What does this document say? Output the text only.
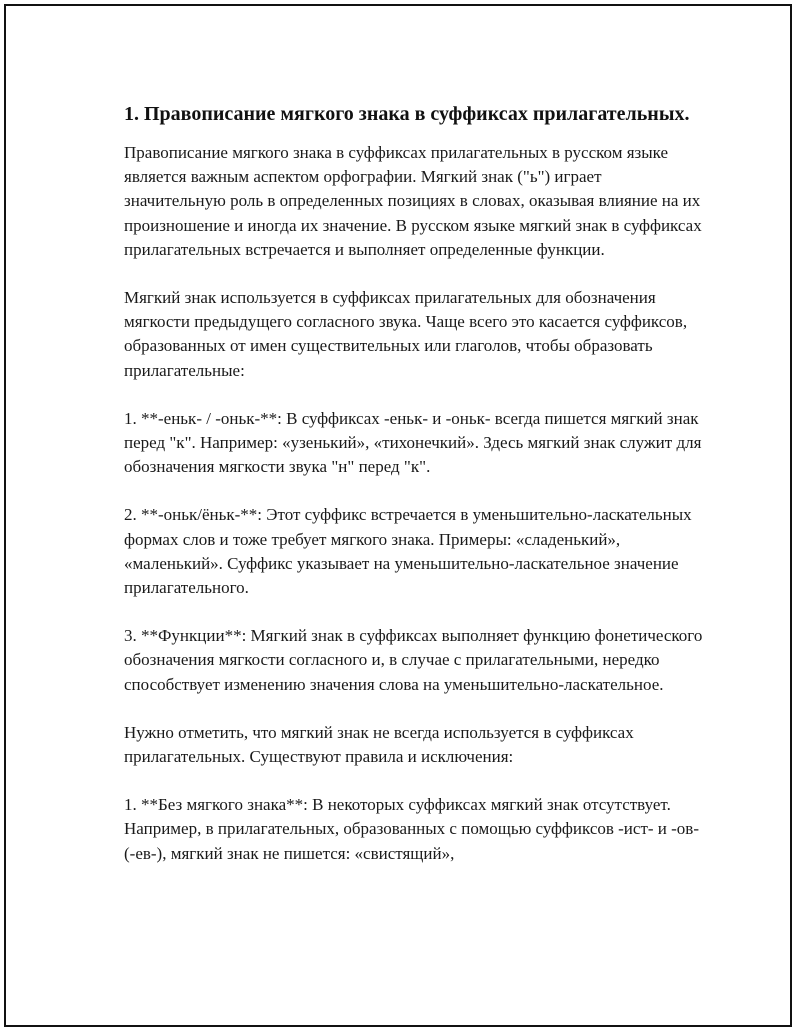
1. Правописание мягкого знака в суффиксах прилагательных.

Правописание мягкого знака в суффиксах прилагательных в русском языке является важным аспектом орфографии. Мягкий знак ("ь") играет значительную роль в определенных позициях в словах, оказывая влияние на их произношение и иногда их значение. В русском языке мягкий знак в суффиксах прилагательных встречается и выполняет определенные функции.

Мягкий знак используется в суффиксах прилагательных для обозначения мягкости предыдущего согласного звука. Чаще всего это касается суффиксов, образованных от имен существительных или глаголов, чтобы образовать прилагательные:

1. **-еньк- / -оньк-**: В суффиксах -еньк- и -оньк- всегда пишется мягкий знак перед "к". Например: «узенький», «тихонечкий». Здесь мягкий знак служит для обозначения мягкости звука "н" перед "к".

2. **-оньк/ёньк-**: Этот суффикс встречается в уменьшительно-ласкательных формах слов и тоже требует мягкого знака. Примеры: «сладенький», «маленький». Суффикс указывает на уменьшительно-ласкательное значение прилагательного.

3. **Функции**: Мягкий знак в суффиксах выполняет функцию фонетического обозначения мягкости согласного и, в случае с прилагательными, нередко способствует изменению значения слова на уменьшительно-ласкательное.

Нужно отметить, что мягкий знак не всегда используется в суффиксах прилагательных. Существуют правила и исключения:

1. **Без мягкого знака**: В некоторых суффиксах мягкий знак отсутствует. Например, в прилагательных, образованных с помощью суффиксов -ист- и -ов- (-ев-), мягкий знак не пишется: «свистящий»,
